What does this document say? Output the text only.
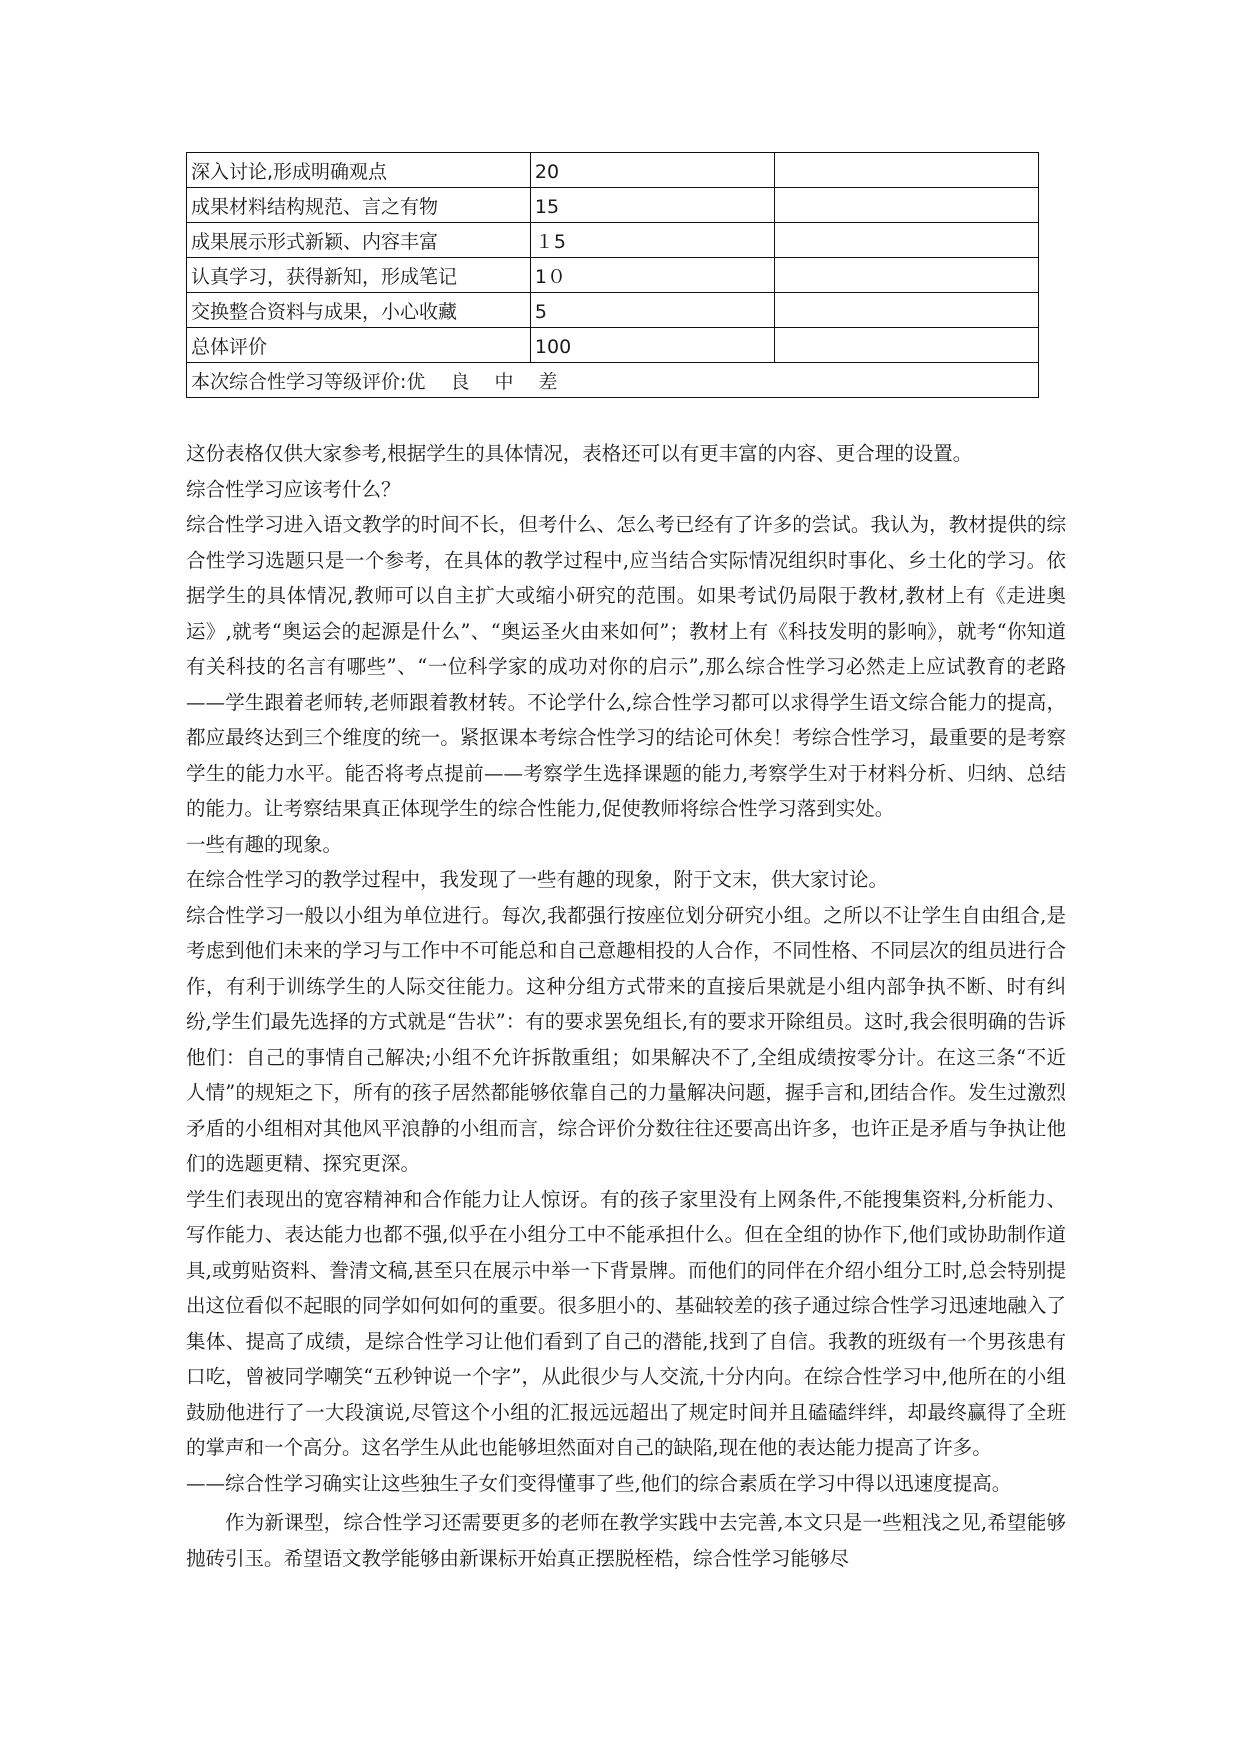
深入讨论,形成明确观点	20	
成果材料结构规范、言之有物	15	
成果展示形式新颖、内容丰富	１5	
认真学习，获得新知，形成笔记	1０	
交换整合资料与成果，小心收藏	5	
总体评价	100	
本次综合性学习等级评价:优　 良　 中　 差		

这份表格仅供大家参考,根据学生的具体情况，表格还可以有更丰富的内容、更合理的设置。

综合性学习应该考什么？

综合性学习进入语文教学的时间不长，但考什么、怎么考已经有了许多的尝试。我认为，教材提供的综合性学习选题只是一个参考，在具体的教学过程中,应当结合实际情况组织时事化、乡土化的学习。依据学生的具体情况,教师可以自主扩大或缩小研究的范围。如果考试仍局限于教材,教材上有《走进奥运》,就考“奥运会的起源是什么”、“奥运圣火由来如何”；教材上有《科技发明的影响》，就考“你知道有关科技的名言有哪些”、“一位科学家的成功对你的启示”,那么综合性学习必然走上应试教育的老路——学生跟着老师转,老师跟着教材转。不论学什么,综合性学习都可以求得学生语文综合能力的提高，都应最终达到三个维度的统一。紧抠课本考综合性学习的结论可休矣！考综合性学习，最重要的是考察学生的能力水平。能否将考点提前——考察学生选择课题的能力,考察学生对于材料分析、归纳、总结的能力。让考察结果真正体现学生的综合性能力,促使教师将综合性学习落到实处。

一些有趣的现象。

在综合性学习的教学过程中，我发现了一些有趣的现象，附于文末，供大家讨论。

综合性学习一般以小组为单位进行。每次,我都强行按座位划分研究小组。之所以不让学生自由组合,是考虑到他们未来的学习与工作中不可能总和自己意趣相投的人合作，不同性格、不同层次的组员进行合作，有利于训练学生的人际交往能力。这种分组方式带来的直接后果就是小组内部争执不断、时有纠纷,学生们最先选择的方式就是“告状”：有的要求罢免组长,有的要求开除组员。这时,我会很明确的告诉他们：自己的事情自己解决;小组不允许拆散重组；如果解决不了,全组成绩按零分计。在这三条“不近人情”的规矩之下，所有的孩子居然都能够依靠自己的力量解决问题，握手言和,团结合作。发生过激烈矛盾的小组相对其他风平浪静的小组而言，综合评价分数往往还要高出许多，也许正是矛盾与争执让他们的选题更精、探究更深。

学生们表现出的宽容精神和合作能力让人惊讶。有的孩子家里没有上网条件,不能搜集资料,分析能力、写作能力、表达能力也都不强,似乎在小组分工中不能承担什么。但在全组的协作下,他们或协助制作道具,或剪贴资料、誊清文稿,甚至只在展示中举一下背景牌。而他们的同伴在介绍小组分工时,总会特别提出这位看似不起眼的同学如何如何的重要。很多胆小的、基础较差的孩子通过综合性学习迅速地融入了集体、提高了成绩，是综合性学习让他们看到了自己的潜能,找到了自信。我教的班级有一个男孩患有口吃，曾被同学嘲笑“五秒钟说一个字”，从此很少与人交流,十分内向。在综合性学习中,他所在的小组鼓励他进行了一大段演说,尽管这个小组的汇报远远超出了规定时间并且磕磕绊绊，却最终赢得了全班的掌声和一个高分。这名学生从此也能够坦然面对自己的缺陷,现在他的表达能力提高了许多。

——综合性学习确实让这些独生子女们变得懂事了些,他们的综合素质在学习中得以迅速度提高。

作为新课型，综合性学习还需要更多的老师在教学实践中去完善,本文只是一些粗浅之见,希望能够抛砖引玉。希望语文教学能够由新课标开始真正摆脱桎梏，综合性学习能够尽
